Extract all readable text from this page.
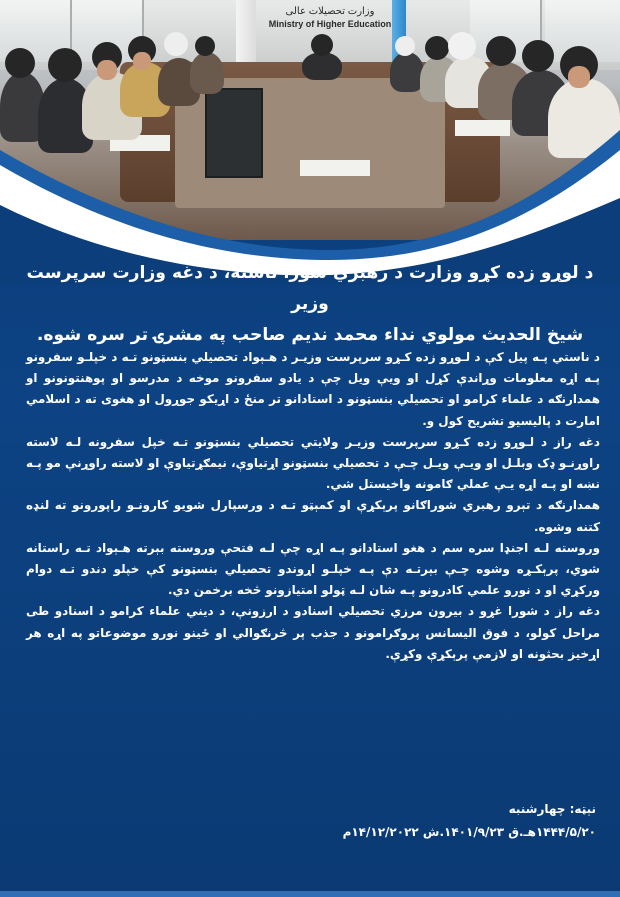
وزارت تحصیلات عالی
Ministry of Higher Education
د لوړو زده کړو وزارت د رهبري شورا ناسته، د دغه وزارت سرپرست وزیر
شیخ الحدیث مولوي نداء محمد ندیم صاحب په مشرۍ تر سره شوه.

د ناستي پـه پیل کې د لـوړو زده کـړو سرپرست وزیـر د هـېواد تحصیلي بنسټونو تـه د خپلـو سفرونو پـه اړه معلومات وړاندې کړل او ویې ویل چې د یادو سفرونو موخه د مدرسو او پوهنتونونو او همدارنګه د علماء کرامو او تحصیلي بنسټونو د استادانو تر منځ د اړیکو جوړول او هغوی ته د اسلامي امارت د پالیسیو تشریح کول و.

دغه راز د لـوړو زده کـړو سرپرست وزیـر ولایتي تحصیلي بنسټونو تـه خپل سفرونه لـه لاسته راوړنـو ډک وبلـل او ویـې ویـل چـې د تحصیلي بنسټونو اړتیاوې، نیمګړتیاوې او لاسته راوړنې مو پـه نښه او پـه اړه یـې عملي ګامونه واخیستل شي.

همدارنګه د تېرو رهبري شوراګانو پرېکړې او کمېټو تـه د ورسپارل شویو کارونـو راپورونو ته لنډه کتنه وشوه.

وروسته لـه اجنډا سره سم د هغو استادانو پـه اړه چې لـه فتحې وروسته بېرته هـېواد تـه راستانه شوي، پرېکـړه وشوه چـې بېرتـه دې پـه خپلـو اړوندو تحصیلي بنسټونو کې خپلو دندو تـه دوام ورکړي او د نورو علمي کادرونو پـه شان لـه ټولو امتیازونو څخه برخمن دي.

دغه راز د شورا غړو د بیرون مرزي تحصیلي اسنادو د ارزونې، د دیني علماء کرامو د اسنادو طی مراحل کولو، د فوق الیسانس پروګرامونو د جذب پر څرنګوالي او ځینو نورو موضوعاتو په اړه هر اړخیز بحثونه او لازمې پرېکړې وکړې.

نېټه: چهارشنبه

۱۴۴۴/۵/۲۰هـ.ق ۱۴۰۱/۹/۲۳.ش ۱۴/۱۲/۲۰۲۲م
